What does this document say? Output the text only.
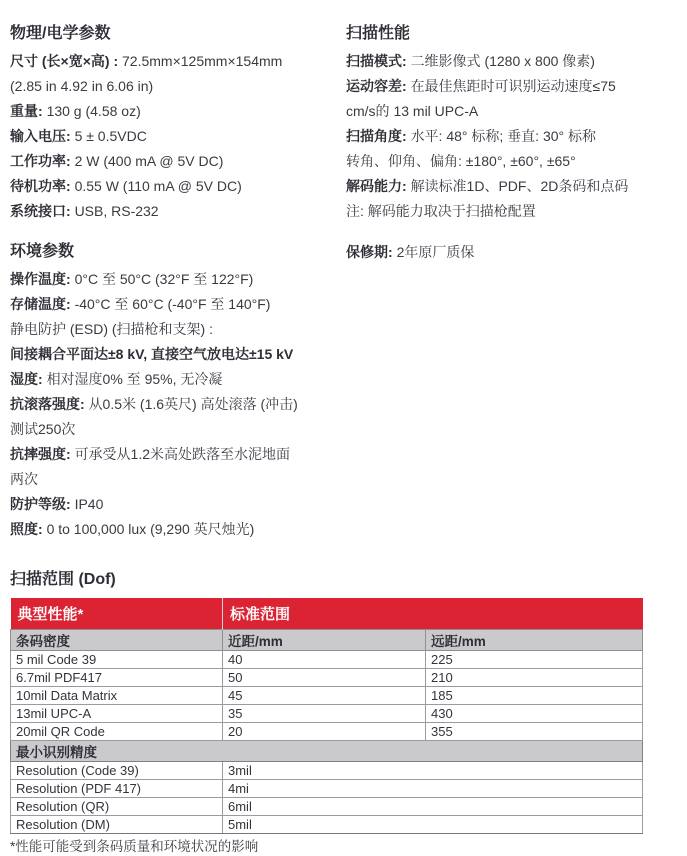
物理/电学参数

尺寸 (长×宽×高) : 72.5mm×125mm×154mm

(2.85 in 4.92 in 6.06 in)

重量: 130 g (4.58 oz)

输入电压: 5 ± 0.5VDC

工作功率: 2 W (400 mA @ 5V DC)

待机功率: 0.55 W (110 mA @ 5V DC)

系统接口: USB, RS-232

环境参数

操作温度: 0°C 至 50°C (32°F 至 122°F)

存储温度: -40°C 至 60°C (-40°F 至 140°F)

静电防护 (ESD) (扫描枪和支架) :

间接耦合平面达±8 kV, 直接空气放电达±15 kV

湿度: 相对湿度0% 至 95%, 无冷凝

抗滚落强度: 从0.5米 (1.6英尺) 高处滚落 (冲击)

测试250次

抗摔强度: 可承受从1.2米高处跌落至水泥地面

两次

防护等级: IP40

照度: 0 to 100,000 lux (9,290 英尺烛光)

扫描性能

扫描模式: 二维影像式 (1280 x 800 像素)

运动容差: 在最佳焦距时可识别运动速度≤75

cm/s的 13 mil UPC-A

扫描角度: 水平: 48° 标称; 垂直: 30° 标称

转角、仰角、偏角: ±180°, ±60°, ±65°

解码能力: 解读标准1D、PDF、2D条码和点码

注: 解码能力取决于扫描枪配置

保修期: 2年原厂质保

扫描范围 (Dof)
典型性能*	标准范围	
条码密度	近距/mm	远距/mm
5 mil Code 39	40	225
6.7mil PDF417	50	210
10mil Data Matrix	45	185
13mil UPC-A	35	430
20mil QR Code	20	355
最小识别精度		
Resolution (Code 39)	3mil	
Resolution (PDF 417)	4mi	
Resolution (QR)	6mil	
Resolution (DM)	5mil	

*性能可能受到条码质量和环境状况的影响
